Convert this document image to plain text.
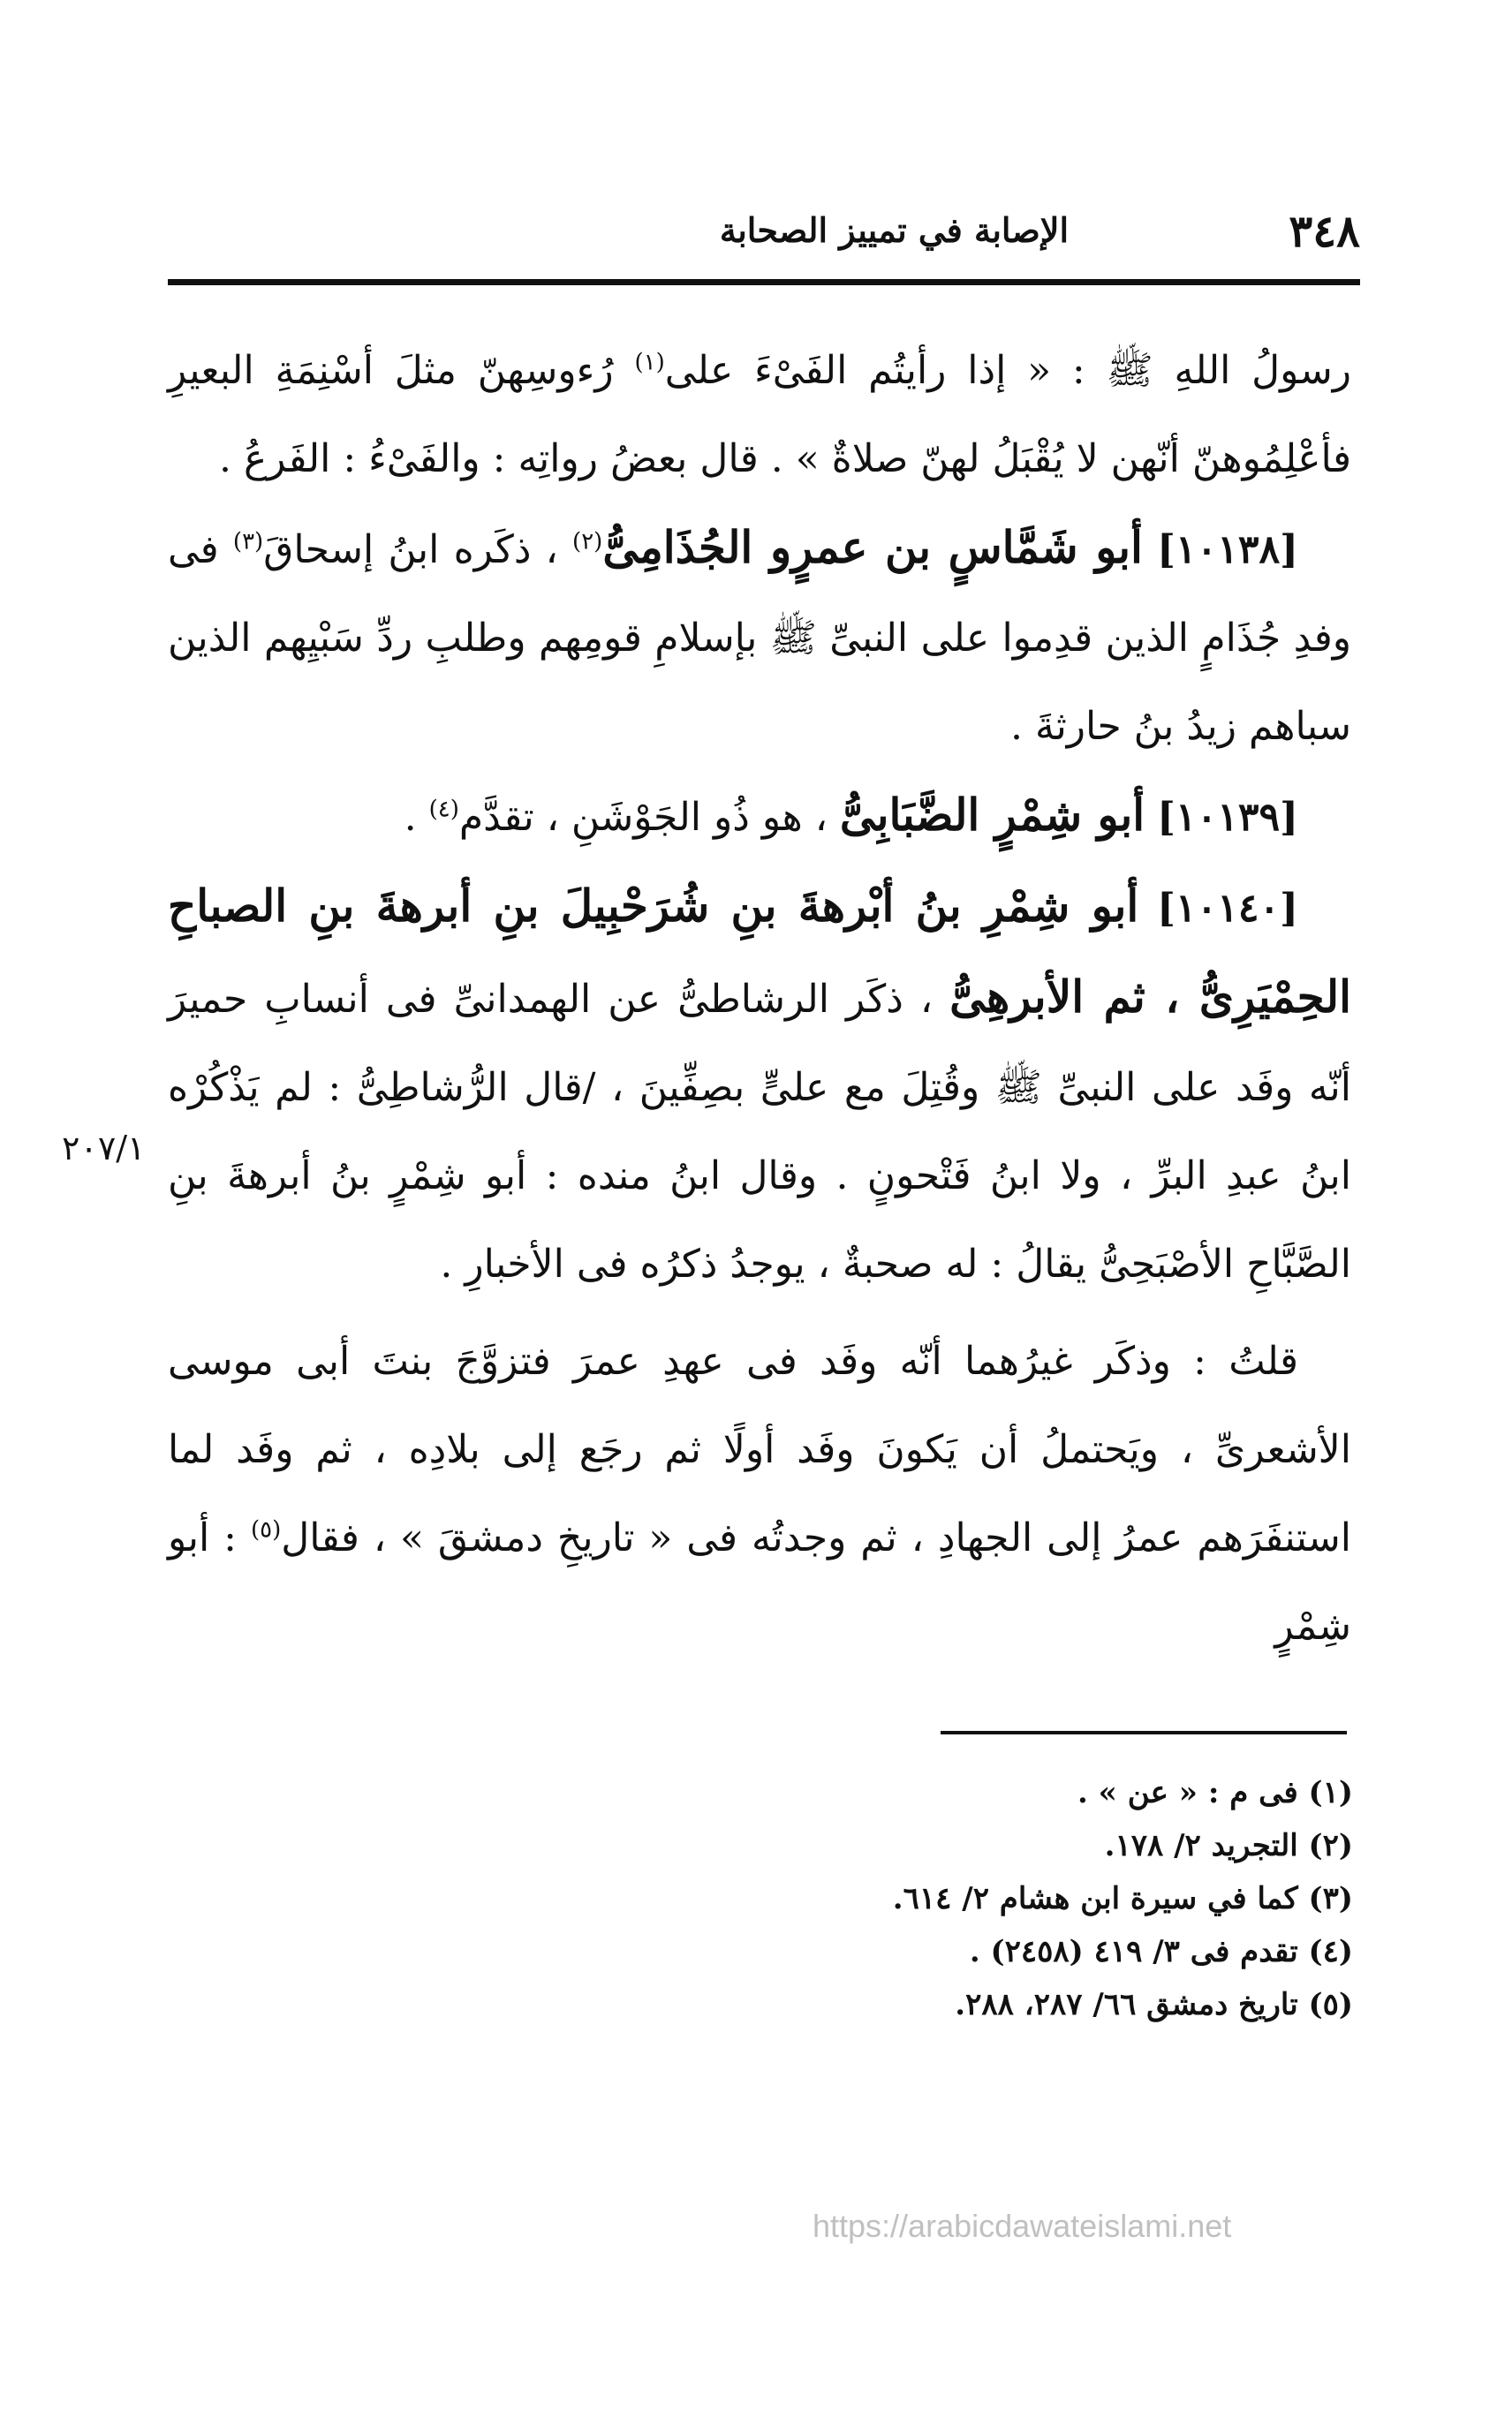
٣٤٨
الإصابة في تمييز الصحابة

رسولُ اللهِ ﷺ : « إذا رأيتُم الفَىْءَ على$^{(١)}$ رُءوسِهنّ مثلَ أسْنِمَةِ البعيرِ فأعْلِمُوهنّ أنّهن لا يُقْبَلُ لهنّ صلاةٌ » . قال بعضُ رواتِه : والفَىْءُ : الفَرعُ .

[١٠١٣٨] أبو شَمَّاسٍ بن عمرٍو الجُذَامِىُّ$^{(٢)}$ ، ذكَره ابنُ إسحاقَ$^{(٣)}$ فى وفدِ جُذَامٍ الذين قدِموا على النبىِّ ﷺ بإسلامِ قومِهم وطلبِ ردِّ سَبْيِهم الذين سباهم زيدُ بنُ حارثةَ .

[١٠١٣٩] أبو شِمْرٍ الضَّبَابِىُّ ، هو ذُو الجَوْشَنِ ، تقدَّم$^{(٤)}$ .

[١٠١٤٠] أبو شِمْرِ بنُ أبْرهةَ بنِ شُرَحْبِيلَ بنِ أبرهةَ بنِ الصباحِ الحِمْيَرِىُّ ، ثم الأبرهِىُّ ، ذكَر الرشاطىُّ عن الهمدانىِّ فى أنسابِ حميرَ أنّه وفَد على النبىِّ ﷺ وقُتِلَ مع علىٍّ بصِفِّينَ ، /قال الرُّشاطِىُّ : لم يَذْكُرْه ابنُ عبدِ البرِّ ، ولا ابنُ فَتْحونٍ . وقال ابنُ منده : أبو شِمْرٍ بنُ أبرهةَ بنِ الصَّبَّاحِ الأصْبَحِىُّ يقالُ : له صحبةٌ ، يوجدُ ذكرُه فى الأخبارِ .

قلتُ : وذكَر غيرُهما أنّه وفَد فى عهدِ عمرَ فتزوَّجَ بنتَ أبى موسى الأشعرىِّ ، ويَحتملُ أن يَكونَ وفَد أولًا ثم رجَع إلى بلادِه ، ثم وفَد لما استنفَرَهم عمرُ إلى الجهادِ ، ثم وجدتُه فى « تاريخِ دمشقَ » ، فقال$^{(٥)}$ : أبو شِمْرٍ

٢٠٧/١
(١) فى م : « عن » .
(٢) التجريد ٢/ ١٧٨.
(٣) كما في سيرة ابن هشام ٢/ ٦١٤.
(٤) تقدم فى ٣/ ٤١٩ (٢٤٥٨) .
(٥) تاريخ دمشق ٦٦/ ٢٨٧، ٢٨٨.
https://arabicdawateislami.net
